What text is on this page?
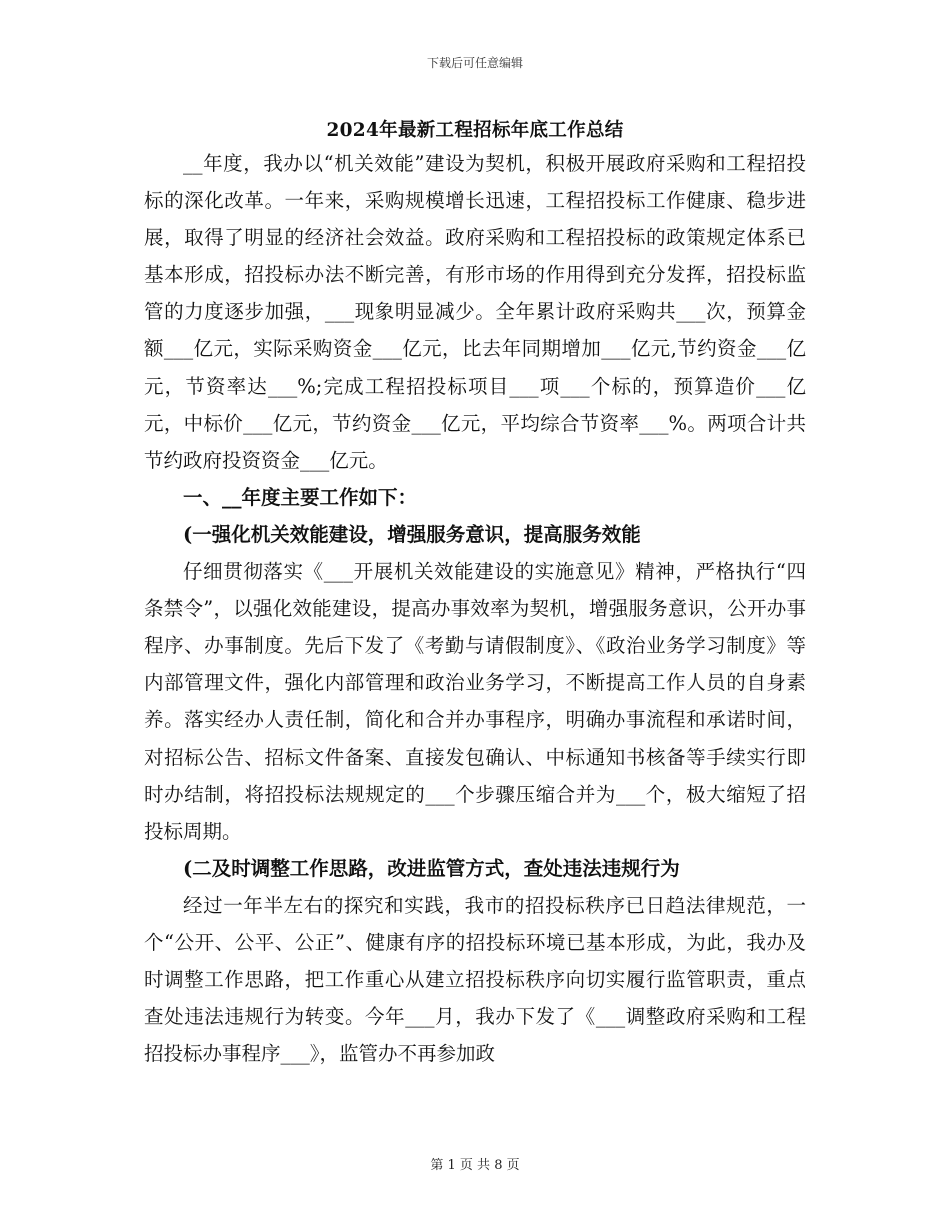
下载后可任意编辑
2024年最新工程招标年底工作总结

__年度，我办以“机关效能”建设为契机，积极开展政府采购和工程招投标的深化改革。一年来，采购规模增长迅速，工程招投标工作健康、稳步进展，取得了明显的经济社会效益。政府采购和工程招投标的政策规定体系已基本形成，招投标办法不断完善，有形市场的作用得到充分发挥，招投标监管的力度逐步加强，___现象明显减少。全年累计政府采购共___次，预算金额___亿元，实际采购资金___亿元，比去年同期增加___亿元,节约资金___亿元，节资率达___%;完成工程招投标项目___项___个标的，预算造价___亿元，中标价___亿元，节约资金___亿元，平均综合节资率___%。两项合计共节约政府投资资金___亿元。

一、__年度主要工作如下：
(一强化机关效能建设，增强服务意识，提高服务效能

仔细贯彻落实《___开展机关效能建设的实施意见》精神，严格执行“四条禁令”，以强化效能建设，提高办事效率为契机，增强服务意识，公开办事程序、办事制度。先后下发了《考勤与请假制度》、《政治业务学习制度》等内部管理文件，强化内部管理和政治业务学习，不断提高工作人员的自身素养。落实经办人责任制，简化和合并办事程序，明确办事流程和承诺时间，对招标公告、招标文件备案、直接发包确认、中标通知书核备等手续实行即时办结制，将招投标法规规定的___个步骤压缩合并为___个，极大缩短了招投标周期。

(二及时调整工作思路，改进监管方式，查处违法违规行为

经过一年半左右的探究和实践，我市的招投标秩序已日趋法律规范，一个“公开、公平、公正”、健康有序的招投标环境已基本形成，为此，我办及时调整工作思路，把工作重心从建立招投标秩序向切实履行监管职责，重点查处违法违规行为转变。今年___月，我办下发了《___调整政府采购和工程招投标办事程序___》，监管办不再参加政

第 1 页 共 8 页
